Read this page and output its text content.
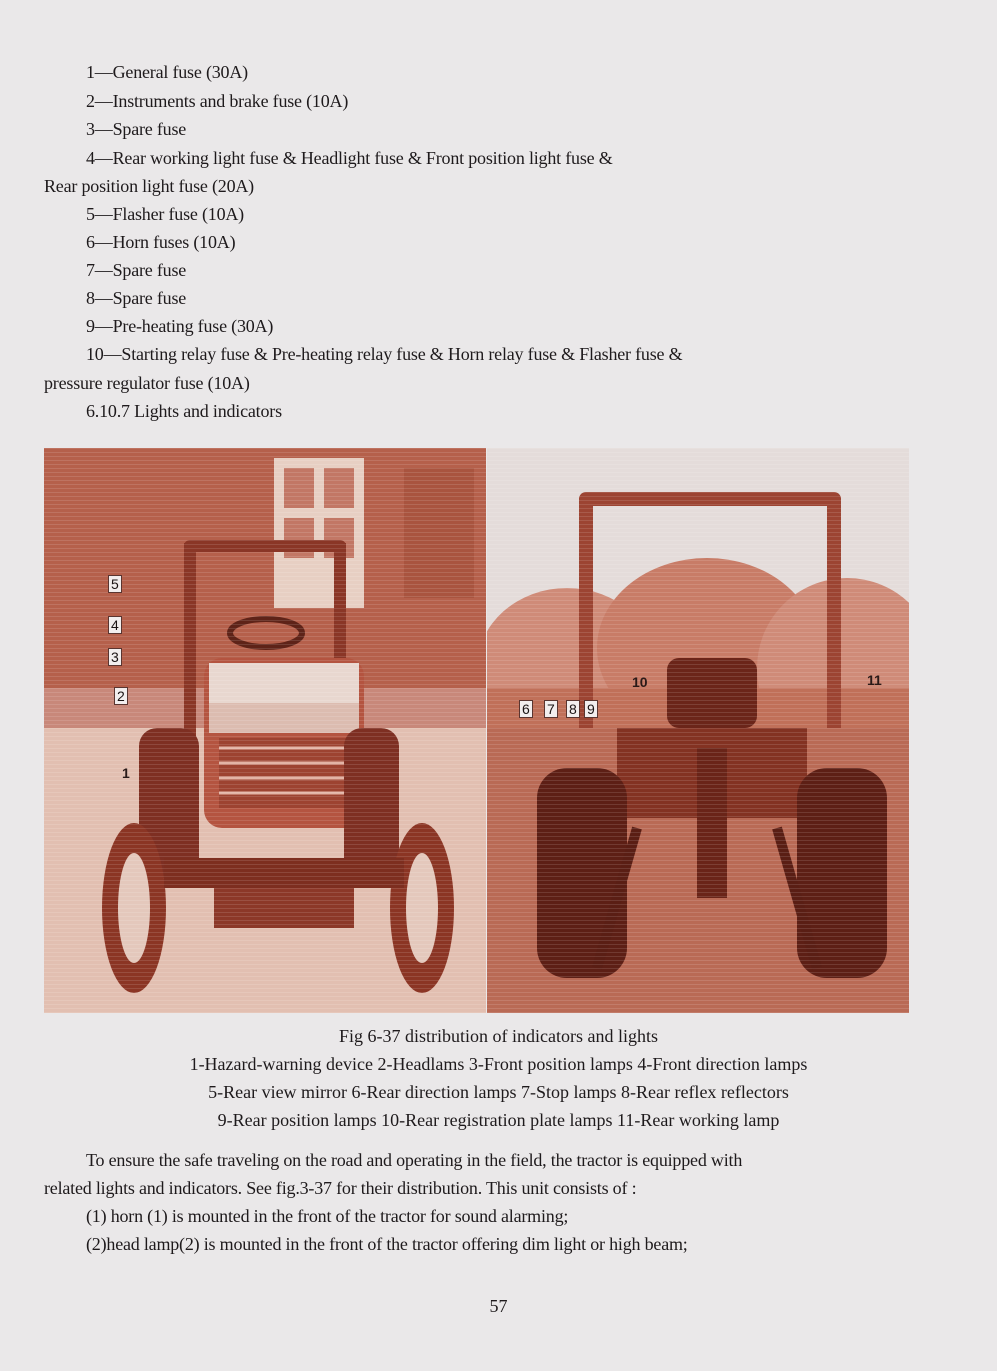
1—General fuse (30A)
2—Instruments and brake fuse (10A)
3—Spare fuse
4—Rear working light fuse & Headlight fuse & Front position light fuse &
Rear position light fuse (20A)
5—Flasher fuse (10A)
6—Horn fuses (10A)
7—Spare fuse
8—Spare fuse
9—Pre-heating fuse (30A)
10—Starting relay fuse & Pre-heating relay fuse & Horn relay fuse & Flasher fuse &
pressure regulator fuse (10A)
6.10.7 Lights and indicators
5
4
3
2
1
6 7 8 9
10	11
Fig 6-37 distribution of indicators and lights
1-Hazard-warning device 2-Headlams 3-Front position lamps 4-Front direction lamps
5-Rear view mirror 6-Rear direction lamps 7-Stop lamps 8-Rear reflex reflectors
9-Rear position lamps 10-Rear registration plate lamps 11-Rear working lamp
To ensure the safe traveling on the road and operating in the field, the tractor is equipped with
related lights and indicators. See fig.3-37 for their distribution. This unit consists of :
(1) horn (1) is mounted in the front of the tractor for sound alarming;
(2)head lamp(2) is mounted in the front of the tractor offering dim light or high beam;
57
